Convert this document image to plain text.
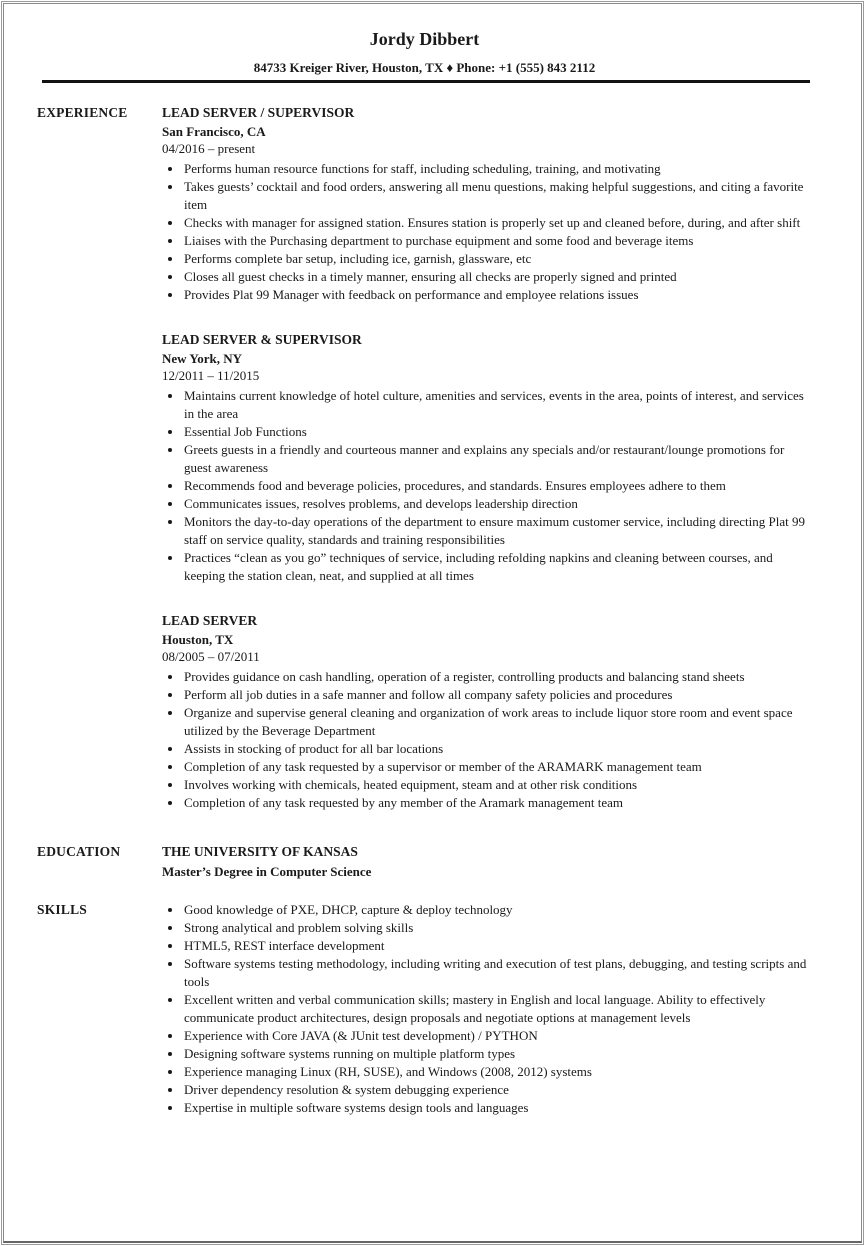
Jordy Dibbert
84733 Kreiger River, Houston, TX ♦ Phone: +1 (555) 843 2112
EXPERIENCE	LEAD SERVER / SUPERVISOR
San Francisco, CA
04/2016 – present
• Performs human resource functions for staff, including scheduling, training, and motivating
• Takes guests’ cocktail and food orders, answering all menu questions, making helpful suggestions, and citing a favorite item
• Checks with manager for assigned station. Ensures station is properly set up and cleaned before, during, and after shift
• Liaises with the Purchasing department to purchase equipment and some food and beverage items
• Performs complete bar setup, including ice, garnish, glassware, etc
• Closes all guest checks in a timely manner, ensuring all checks are properly signed and printed
• Provides Plat 99 Manager with feedback on performance and employee relations issues
LEAD SERVER & SUPERVISOR
New York, NY
12/2011 – 11/2015
• Maintains current knowledge of hotel culture, amenities and services, events in the area, points of interest, and services in the area
• Essential Job Functions
• Greets guests in a friendly and courteous manner and explains any specials and/or restaurant/lounge promotions for guest awareness
• Recommends food and beverage policies, procedures, and standards. Ensures employees adhere to them
• Communicates issues, resolves problems, and develops leadership direction
• Monitors the day-to-day operations of the department to ensure maximum customer service, including directing Plat 99 staff on service quality, standards and training responsibilities
• Practices “clean as you go” techniques of service, including refolding napkins and cleaning between courses, and keeping the station clean, neat, and supplied at all times
LEAD SERVER
Houston, TX
08/2005 – 07/2011
• Provides guidance on cash handling, operation of a register, controlling products and balancing stand sheets
• Perform all job duties in a safe manner and follow all company safety policies and procedures
• Organize and supervise general cleaning and organization of work areas to include liquor store room and event space utilized by the Beverage Department
• Assists in stocking of product for all bar locations
• Completion of any task requested by a supervisor or member of the ARAMARK management team
• Involves working with chemicals, heated equipment, steam and at other risk conditions
• Completion of any task requested by any member of the Aramark management team
EDUCATION	THE UNIVERSITY OF KANSAS
Master’s Degree in Computer Science
SKILLS	• Good knowledge of PXE, DHCP, capture & deploy technology
• Strong analytical and problem solving skills
• HTML5, REST interface development
• Software systems testing methodology, including writing and execution of test plans, debugging, and testing scripts and tools
• Excellent written and verbal communication skills; mastery in English and local language. Ability to effectively communicate product architectures, design proposals and negotiate options at management levels
• Experience with Core JAVA (& JUnit test development) / PYTHON
• Designing software systems running on multiple platform types
• Experience managing Linux (RH, SUSE), and Windows (2008, 2012) systems
• Driver dependency resolution & system debugging experience
• Expertise in multiple software systems design tools and languages
